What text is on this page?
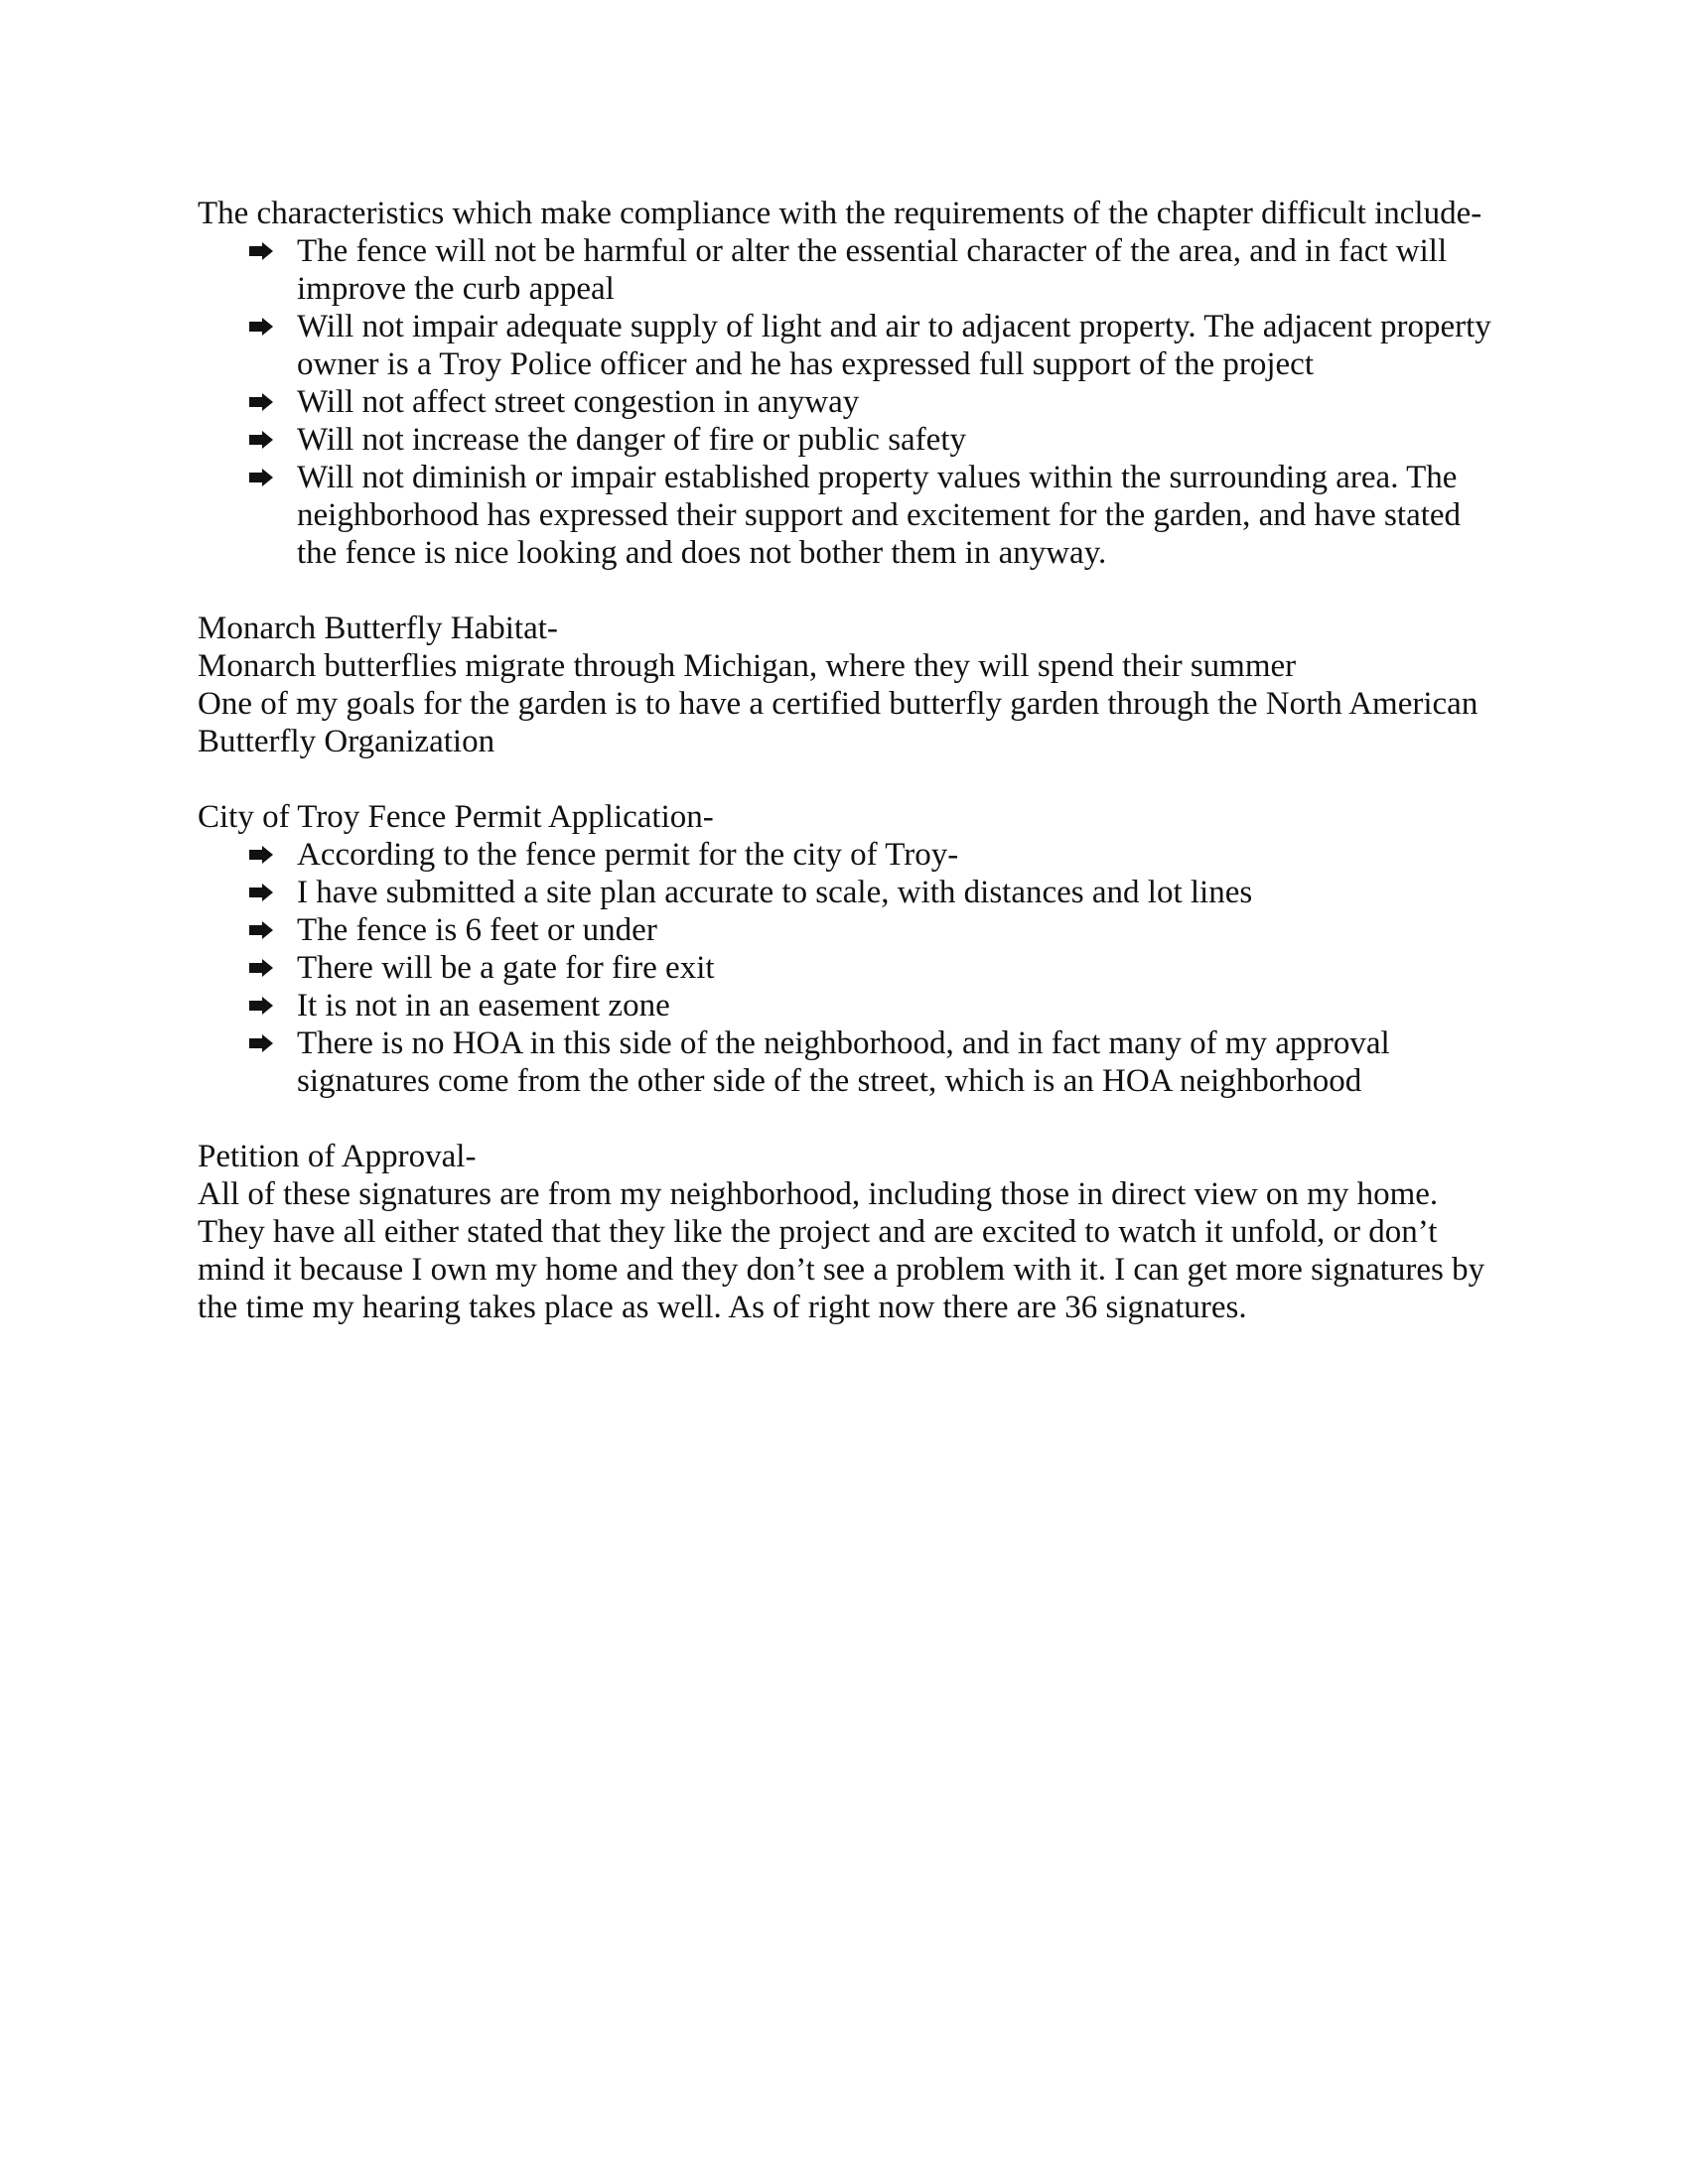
The characteristics which make compliance with the requirements of the chapter difficult include-

The fence will not be harmful or alter the essential character of the area, and in fact will improve the curb appeal
Will not impair adequate supply of light and air to adjacent property. The adjacent property owner is a Troy Police officer and he has expressed full support of the project
Will not affect street congestion in anyway
Will not increase the danger of fire or public safety
Will not diminish or impair established property values within the surrounding area. The neighborhood has expressed their support and excitement for the garden, and have stated the fence is nice looking and does not bother them in anyway.

Monarch Butterfly Habitat-

Monarch butterflies migrate through Michigan, where they will spend their summer

One of my goals for the garden is to have a certified butterfly garden through the North American Butterfly Organization

City of Troy Fence Permit Application-

According to the fence permit for the city of Troy-
I have submitted a site plan accurate to scale, with distances and lot lines
The fence is 6 feet or under
There will be a gate for fire exit
It is not in an easement zone
There is no HOA in this side of the neighborhood, and in fact many of my approval signatures come from the other side of the street, which is an HOA neighborhood

Petition of Approval-

All of these signatures are from my neighborhood, including those in direct view on my home. They have all either stated that they like the project and are excited to watch it unfold, or don’t mind it because I own my home and they don’t see a problem with it. I can get more signatures by the time my hearing takes place as well. As of right now there are 36 signatures.
